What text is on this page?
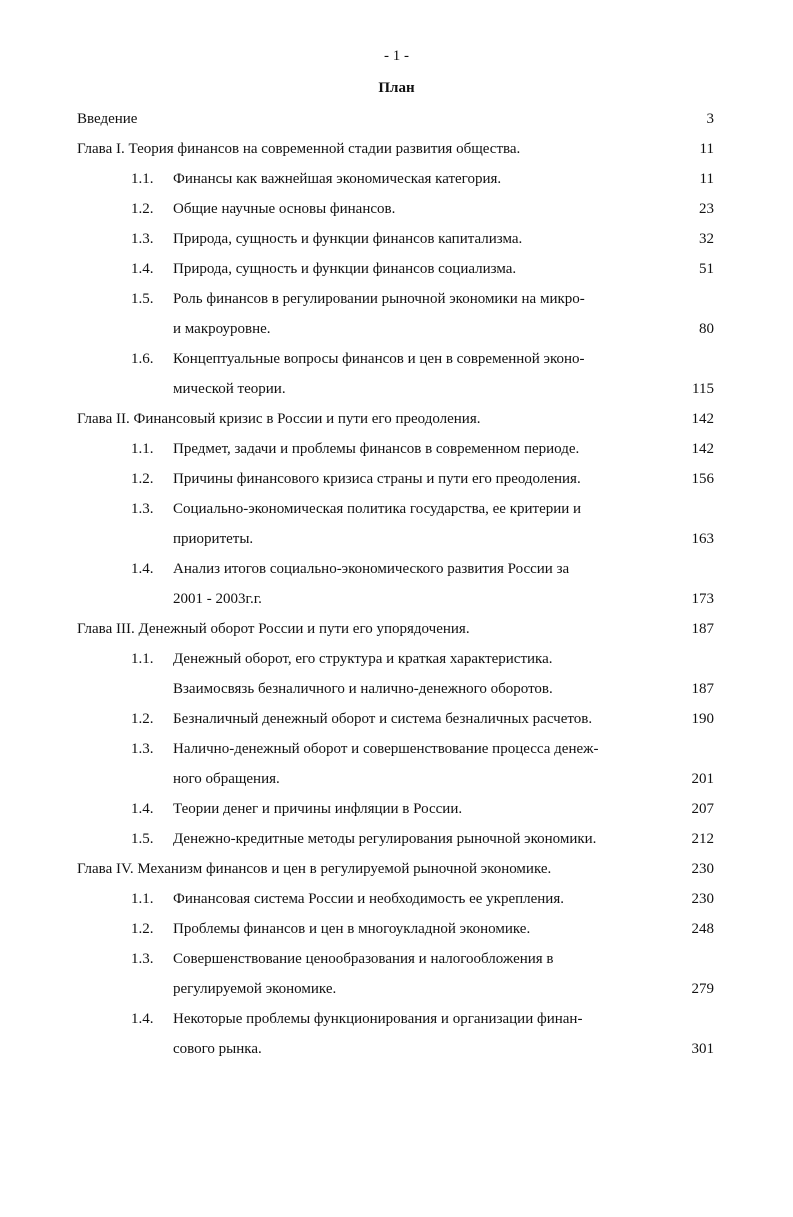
- 1 -
План
Введение	3
Глава I. Теория финансов на современной стадии развития общества.	11
1.1. Финансы как важнейшая экономическая категория.	11
1.2. Общие научные основы финансов.	23
1.3. Природа, сущность и функции финансов капитализма.	32
1.4. Природа, сущность и функции финансов социализма.	51
1.5. Роль финансов в регулировании рыночной экономики на микро-
и макроуровне.	80
1.6. Концептуальные вопросы финансов и цен в современной эконо-
мической теории.	115
Глава II. Финансовый кризис в России и пути его преодоления.	142
1.1. Предмет, задачи и проблемы финансов в современном периоде.	142
1.2. Причины финансового кризиса страны и пути его преодоления.	156
1.3. Социально-экономическая политика государства, ее критерии и
приоритеты.	163
1.4. Анализ итогов социально-экономического развития России за
2001 - 2003г.г.	173
Глава III. Денежный оборот России и пути его упорядочения.	187
1.1. Денежный оборот, его структура и краткая характеристика.
Взаимосвязь безналичного и налично-денежного оборотов.	187
1.2. Безналичный денежный оборот и система безналичных расчетов.	190
1.3. Налично-денежный оборот и совершенствование процесса денеж-
ного обращения.	201
1.4. Теории денег и причины инфляции в России.	207
1.5. Денежно-кредитные методы регулирования рыночной экономики.	212
Глава IV. Механизм финансов и цен в регулируемой рыночной экономике.	230
1.1. Финансовая система России и необходимость ее укрепления.	230
1.2. Проблемы финансов и цен в многоукладной экономике.	248
1.3. Совершенствование ценообразования и налогообложения в
регулируемой экономике.	279
1.4. Некоторые проблемы функционирования и организации финан-
сового рынка.	301
